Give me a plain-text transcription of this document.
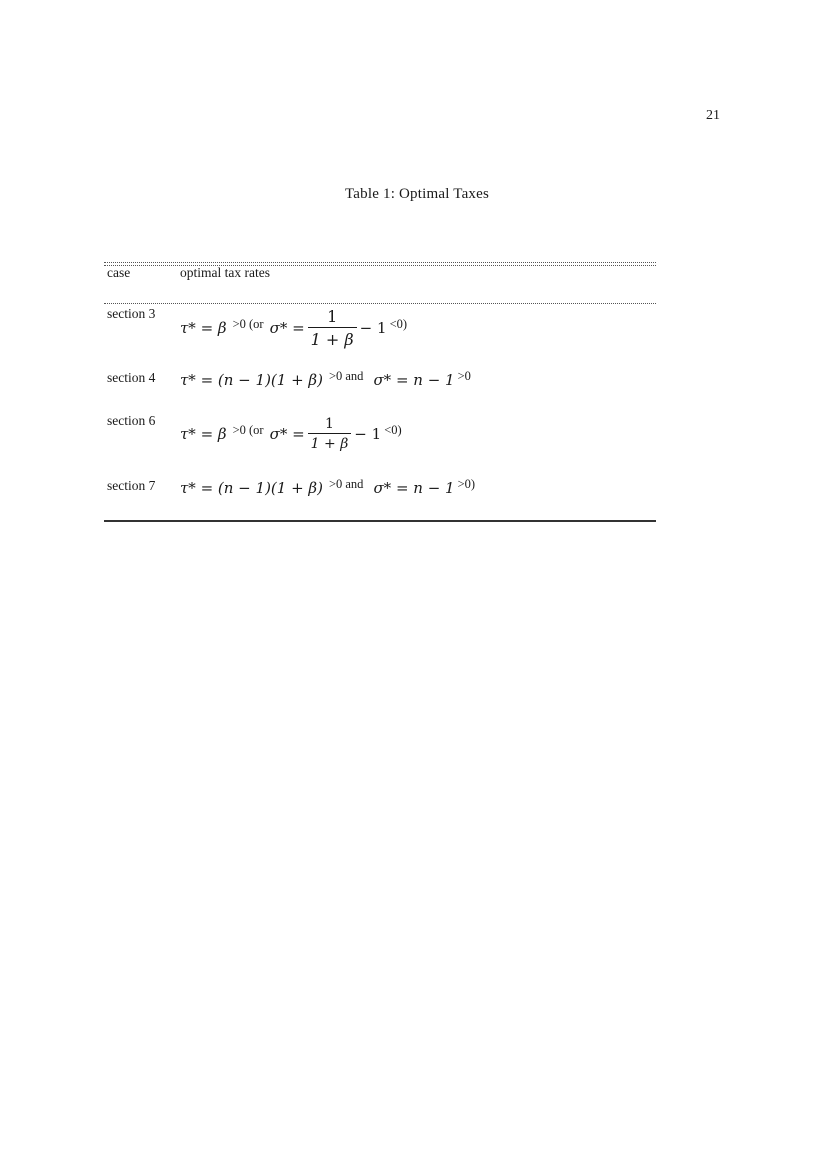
21
Table 1: Optimal Taxes
case	optimal tax rates
section 3
τ* = β >0 (or $\sigma* = \frac{1}{1 + \beta} - 1 <0$)
section 4 τ* = (n − 1)(1 + β) >0 and σ* = n − 1 >0
section 6
τ* = β >0 (or $\sigma* = \frac{1}{1 + \beta} - 1 <0$)
section 7 τ* = (n − 1)(1 + β) >0 and σ* = n − 1 >0)
